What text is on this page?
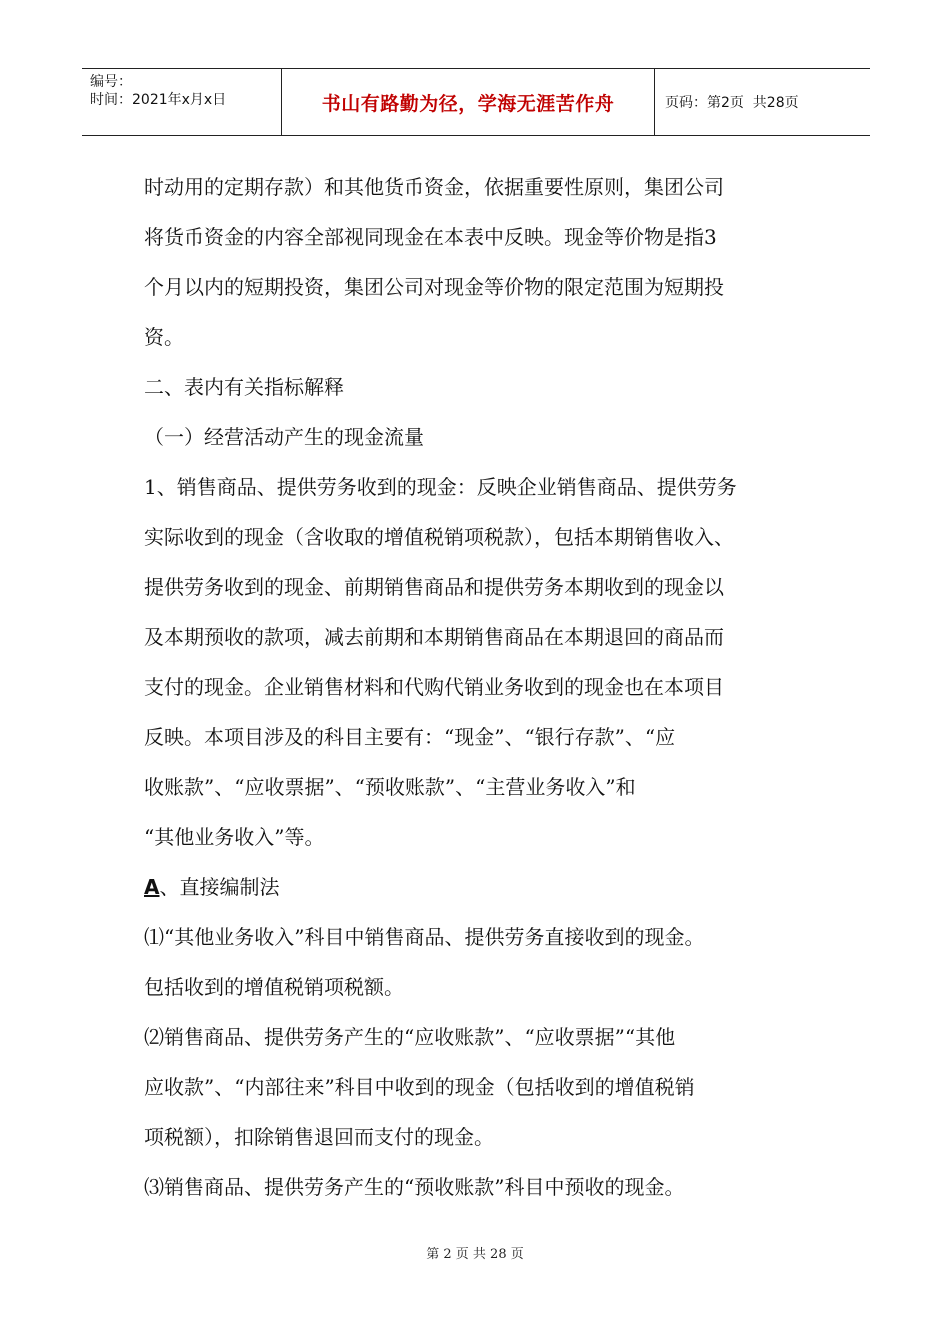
编号：
时间：2021年x月x日	书山有路勤为径，学海无涯苦作舟	页码：第2页  共28页

时动用的定期存款）和其他货币资金，依据重要性原则，集团公司

将货币资金的内容全部视同现金在本表中反映。现金等价物是指3

个月以内的短期投资，集团公司对现金等价物的限定范围为短期投

资。

二、表内有关指标解释

（一）经营活动产生的现金流量

1、销售商品、提供劳务收到的现金：反映企业销售商品、提供劳务

实际收到的现金（含收取的增值税销项税款），包括本期销售收入、

提供劳务收到的现金、前期销售商品和提供劳务本期收到的现金以

及本期预收的款项，减去前期和本期销售商品在本期退回的商品而

支付的现金。企业销售材料和代购代销业务收到的现金也在本项目

反映。本项目涉及的科目主要有：“现金”、“银行存款”、“应

收账款”、“应收票据”、“预收账款”、“主营业务收入”和

“其他业务收入”等。

A、直接编制法

⑴“其他业务收入”科目中销售商品、提供劳务直接收到的现金。

包括收到的增值税销项税额。

⑵销售商品、提供劳务产生的“应收账款”、“应收票据”“其他

应收款”、“内部往来”科目中收到的现金（包括收到的增值税销

项税额），扣除销售退回而支付的现金。

⑶销售商品、提供劳务产生的“预收账款”科目中预收的现金。

第 2 页 共 28 页
